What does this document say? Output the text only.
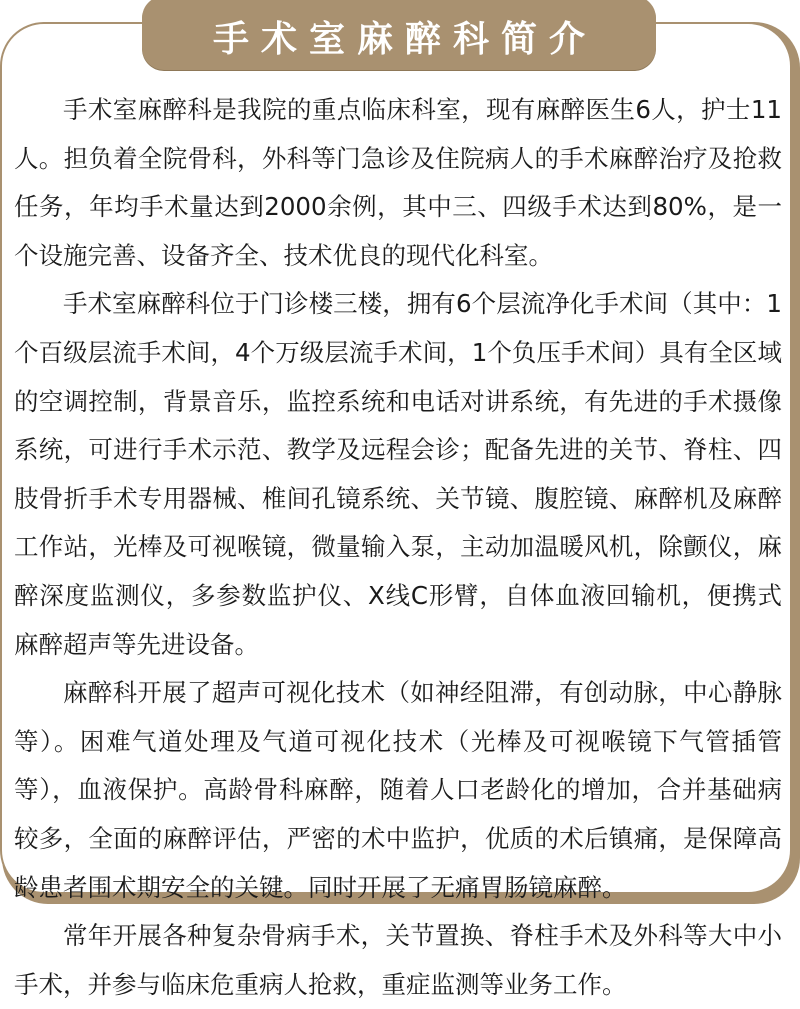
手术室麻醉科简介

手术室麻醉科是我院的重点临床科室，现有麻醉医生6人，护士11人。担负着全院骨科，外科等门急诊及住院病人的手术麻醉治疗及抢救任务，年均手术量达到2000余例，其中三、四级手术达到80%，是一个设施完善、设备齐全、技术优良的现代化科室。

手术室麻醉科位于门诊楼三楼，拥有6个层流净化手术间（其中：1个百级层流手术间，4个万级层流手术间，1个负压手术间）具有全区域的空调控制，背景音乐，监控系统和电话对讲系统，有先进的手术摄像系统，可进行手术示范、教学及远程会诊；配备先进的关节、脊柱、四肢骨折手术专用器械、椎间孔镜系统、关节镜、腹腔镜、麻醉机及麻醉工作站，光棒及可视喉镜，微量输入泵，主动加温暖风机，除颤仪，麻醉深度监测仪，多参数监护仪、X线C形臂，自体血液回输机，便携式麻醉超声等先进设备。

麻醉科开展了超声可视化技术（如神经阻滞，有创动脉，中心静脉等）。困难气道处理及气道可视化技术（光棒及可视喉镜下气管插管等），血液保护。高龄骨科麻醉，随着人口老龄化的增加，合并基础病较多，全面的麻醉评估，严密的术中监护，优质的术后镇痛，是保障高龄患者围术期安全的关键。同时开展了无痛胃肠镜麻醉。

常年开展各种复杂骨病手术，关节置换、脊柱手术及外科等大中小手术，并参与临床危重病人抢救，重症监测等业务工作。
